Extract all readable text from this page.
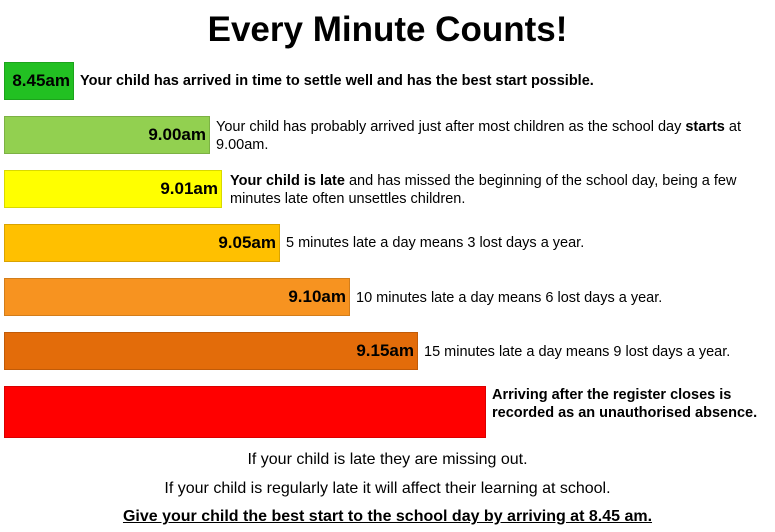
Every Minute Counts!
8.45am Your child has arrived in time to settle well and has the best start possible.
9.00am Your child has probably arrived just after most children as the school day starts at 9.00am.
9.01am Your child is late and has missed the beginning of the school day, being a few minutes late often unsettles children.
9.05am 5 minutes late a day means 3 lost days a year.
9.10am 10 minutes late a day means 6 lost days a year.
9.15am 15 minutes late a day means 9 lost days a year.
Arriving after the register closes is recorded as an unauthorised absence.
If your child is late they are missing out.
If your child is regularly late it will affect their learning at school.
Give your child the best start to the school day by arriving at 8.45 am.
